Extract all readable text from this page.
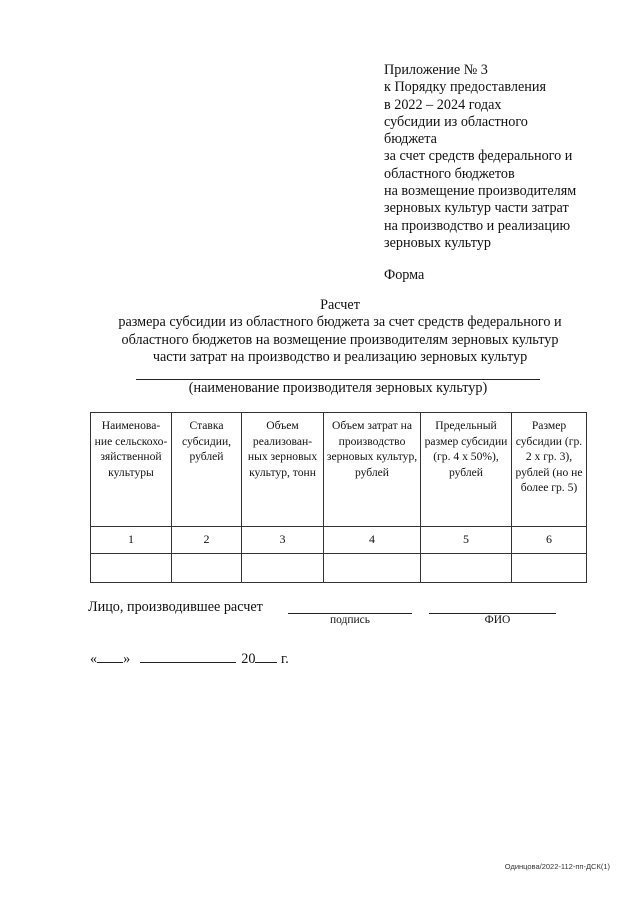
Приложение № 3
к Порядку предоставления
в 2022 – 2024 годах
субсидии из областного
бюджета
за счет средств федерального и
областного бюджетов
на возмещение производителям
зерновых культур части затрат
на производство и реализацию
зерновых культур
Форма
Расчет
размера субсидии из областного бюджета за счет средств федерального и
областного бюджетов на возмещение производителям зерновых культур
части затрат на производство и реализацию зерновых культур
(наименование производителя зерновых культур)
Наименова-ние сельскохо-зяйственной культуры	Ставка субсидии, рублей	Объем реализован-ных зерновых культур, тонн	Объем затрат на производство зерновых культур, рублей	Предельный размер субсидии (гр. 4 x 50%), рублей	Размер субсидии (гр. 2 x гр. 3), рублей (но не более гр. 5)
1	2	3	4	5	6

Лицо, производившее расчет
подпись	ФИО
« »	20 г.
Одинцова/2022-112-пп-ДСК(1)
